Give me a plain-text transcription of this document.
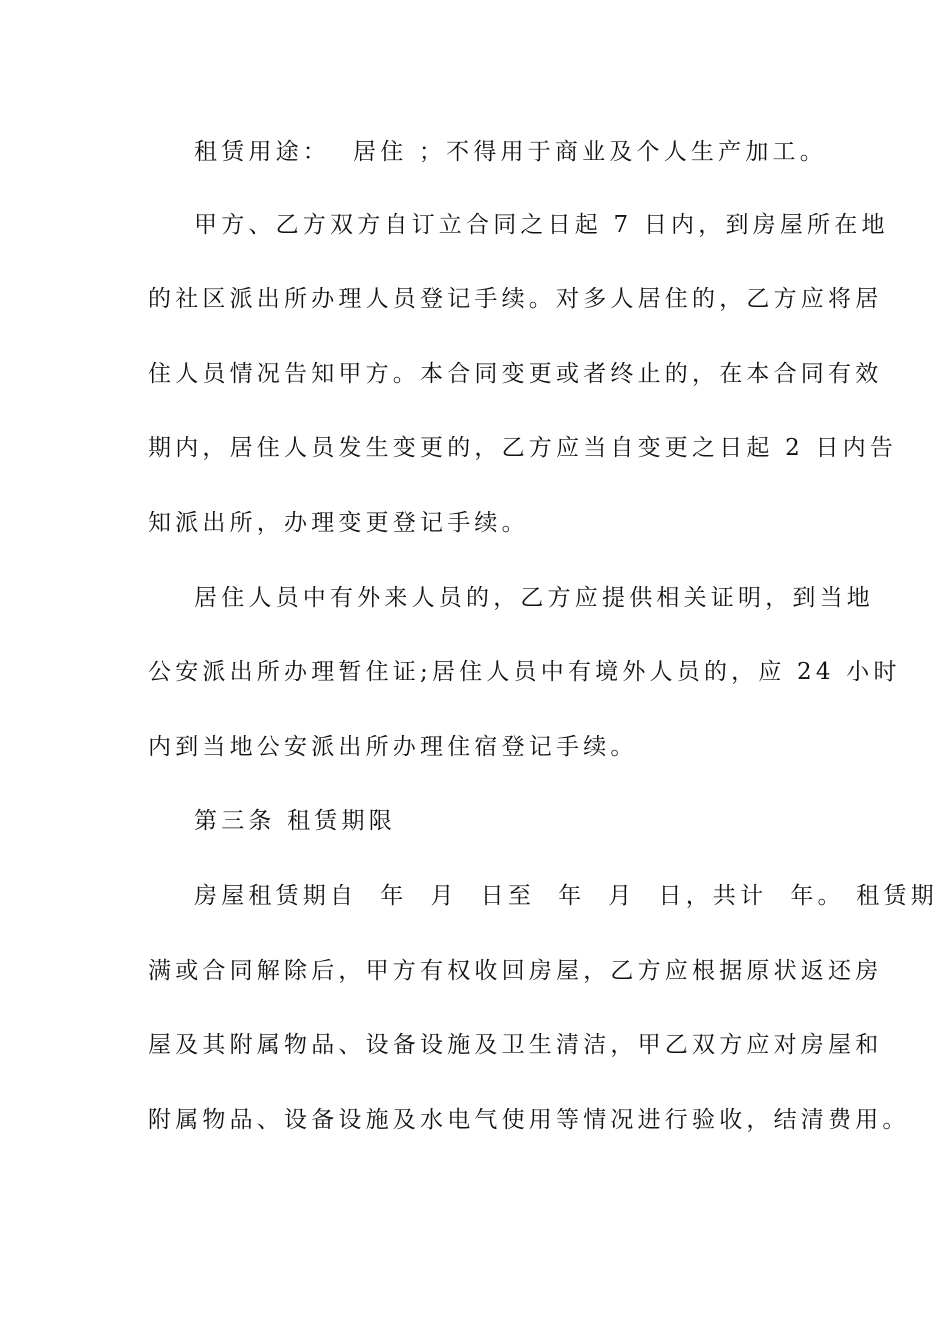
租赁用途：  居住 ；不得用于商业及个人生产加工。
甲方、乙方双方自订立合同之日起 7 日内，到房屋所在地
的社区派出所办理人员登记手续。对多人居住的，乙方应将居
住人员情况告知甲方。本合同变更或者终止的，在本合同有效
期内，居住人员发生变更的，乙方应当自变更之日起 2 日内告
知派出所，办理变更登记手续。
居住人员中有外来人员的，乙方应提供相关证明，到当地
公安派出所办理暂住证;居住人员中有境外人员的，应 24 小时
内到当地公安派出所办理住宿登记手续。
第三条 租赁期限
房屋租赁期自  年  月  日至  年  月  日，共计  年。 租赁期
满或合同解除后，甲方有权收回房屋，乙方应根据原状返还房
屋及其附属物品、设备设施及卫生清洁，甲乙双方应对房屋和
附属物品、设备设施及水电气使用等情况进行验收，结清费用。
